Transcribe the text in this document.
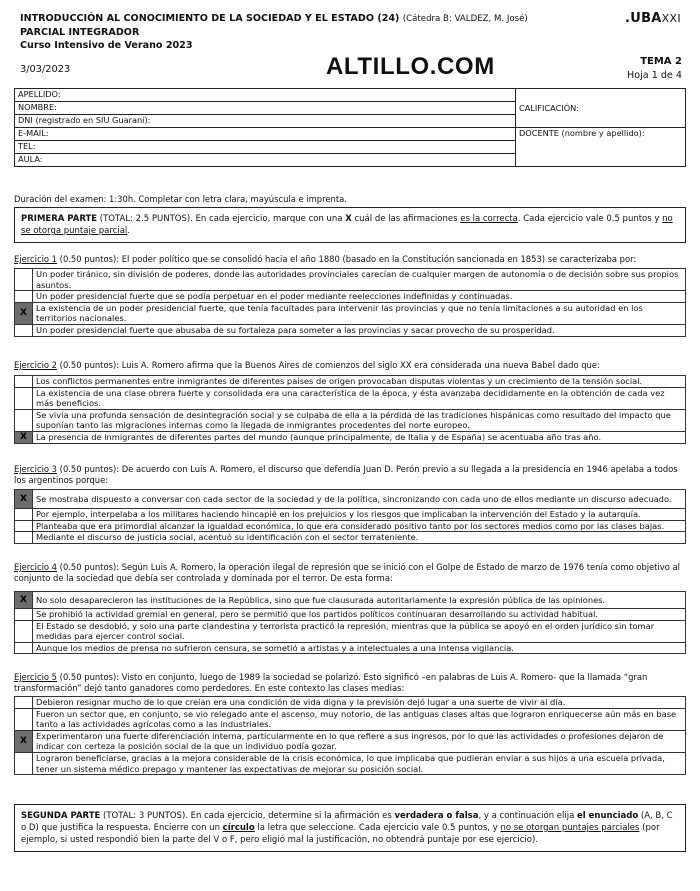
INTRODUCCIÓN AL CONOCIMIENTO DE LA SOCIEDAD Y EL ESTADO (24) (Cátedra B: VALDEZ, M. José)
PARCIAL INTEGRADOR
Curso Intensivo de Verano 2023
.UBAXXI
3/03/2023	ALTILLO.COM	TEMA 2
Hoja 1 de 4
APELLIDO:	CALIFICACIÓN:
NOMBRE:	
DNI (registrado en SIU Guaraní):	
E-MAIL:	DOCENTE (nombre y apellido):
TEL:	
AULA:	
Duración del examen: 1:30h. Completar con letra clara, mayúscula e imprenta.
PRIMERA PARTE (TOTAL: 2.5 PUNTOS). En cada ejercicio, marque con una X cuál de las afirmaciones es la correcta. Cada ejercicio vale 0.5 puntos y no se otorga puntaje parcial.
Ejercicio 1 (0.50 puntos): El poder político que se consolidó hacia el año 1880 (basado en la Constitución sancionada en 1853) se caracterizaba por:
	Un poder tiránico, sin división de poderes, donde las autoridades provinciales carecían de cualquier margen de autonomía o de decisión sobre sus propios asuntos.
	Un poder presidencial fuerte que se podía perpetuar en el poder mediante reelecciones indefinidas y continuadas.
X	La existencia de un poder presidencial fuerte, que tenía facultades para intervenir las provincias y que no tenía limitaciones a su autoridad en los territorios nacionales.
	Un poder presidencial fuerte que abusaba de su fortaleza para someter a las provincias y sacar provecho de su prosperidad.
Ejercicio 2 (0.50 puntos): Luis A. Romero afirma que la Buenos Aires de comienzos del siglo XX era considerada una nueva Babel dado que:
	Los conflictos permanentes entre inmigrantes de diferentes países de origen provocaban disputas violentas y un crecimiento de la tensión social.
	La existencia de una clase obrera fuerte y consolidada era una característica de la época, y ésta avanzaba decididamente en la obtención de cada vez más beneficios.
	Se vivía una profunda sensación de desintegración social y se culpaba de ella a la pérdida de las tradiciones hispánicas como resultado del impacto que suponían tanto las migraciones internas como la llegada de inmigrantes procedentes del norte europeo.
X	La presencia de inmigrantes de diferentes partes del mundo (aunque principalmente, de Italia y de España) se acentuaba año tras año.
Ejercicio 3 (0.50 puntos): De acuerdo con Luis A. Romero, el discurso que defendía Juan D. Perón previo a su llegada a la presidencia en 1946 apelaba a todos los argentinos porque:
X	Se mostraba dispuesto a conversar con cada sector de la sociedad y de la política, sincronizando con cada uno de ellos mediante un discurso adecuado.
	Por ejemplo, interpelaba a los militares haciendo hincapié en los prejuicios y los riesgos que implicaban la intervención del Estado y la autarquía.
	Planteaba que era primordial alcanzar la igualdad económica, lo que era considerado positivo tanto por los sectores medios como por las clases bajas.
	Mediante el discurso de justicia social, acentuó su identificación con el sector terrateniente.
Ejercicio 4 (0.50 puntos): Según Luis A. Romero, la operación ilegal de represión que se inició con el Golpe de Estado de marzo de 1976 tenía como objetivo al conjunto de la sociedad que debía ser controlada y dominada por el terror. De esta forma:
X	No solo desaparecieron las instituciones de la República, sino que fue clausurada autoritariamente la expresión pública de las opiniones.
	Se prohibió la actividad gremial en general, pero se permitió que los partidos políticos continuaran desarrollando su actividad habitual.
	El Estado se desdobló, y solo una parte clandestina y terrorista practicó la represión, mientras que la pública se apoyó en el orden jurídico sin tomar medidas para ejercer control social.
	Aunque los medios de prensa no sufrieron censura, se sometió a artistas y a intelectuales a una intensa vigilancia.
Ejercicio 5 (0.50 puntos): Visto en conjunto, luego de 1989 la sociedad se polarizó. Esto significó –en palabras de Luis A. Romero- que la llamada “gran transformación” dejó tanto ganadores como perdedores. En este contexto las clases medias:
	Debieron resignar mucho de lo que creían era una condición de vida digna y la previsión dejó lugar a una suerte de vivir al día.
	Fueron un sector que, en conjunto, se vio relegado ante el ascenso, muy notorio, de las antiguas clases altas que lograron enriquecerse aún más en base tanto a las actividades agrícolas como a las industriales.
X	Experimentaron una fuerte diferenciación interna, particularmente en lo que refiere a sus ingresos, por lo que las actividades o profesiones dejaron de indicar con certeza la posición social de la que un individuo podía gozar.
	Lograron beneficiarse, gracias a la mejora considerable de la crisis económica, lo que implicaba que pudieran enviar a sus hijos a una escuela privada, tener un sistema médico prepago y mantener las expectativas de mejorar su posición social.
SEGUNDA PARTE (TOTAL: 3 PUNTOS). En cada ejercicio, determine si la afirmación es verdadera o falsa, y a continuación elija el enunciado (A, B, C o D) que justifica la respuesta. Encierre con un círculo la letra que seleccione. Cada ejercicio vale 0.5 puntos, y no se otorgan puntajes parciales (por ejemplo, si usted respondió bien la parte del V o F, pero eligió mal la justificación, no obtendrá puntaje por ese ejercicio).
